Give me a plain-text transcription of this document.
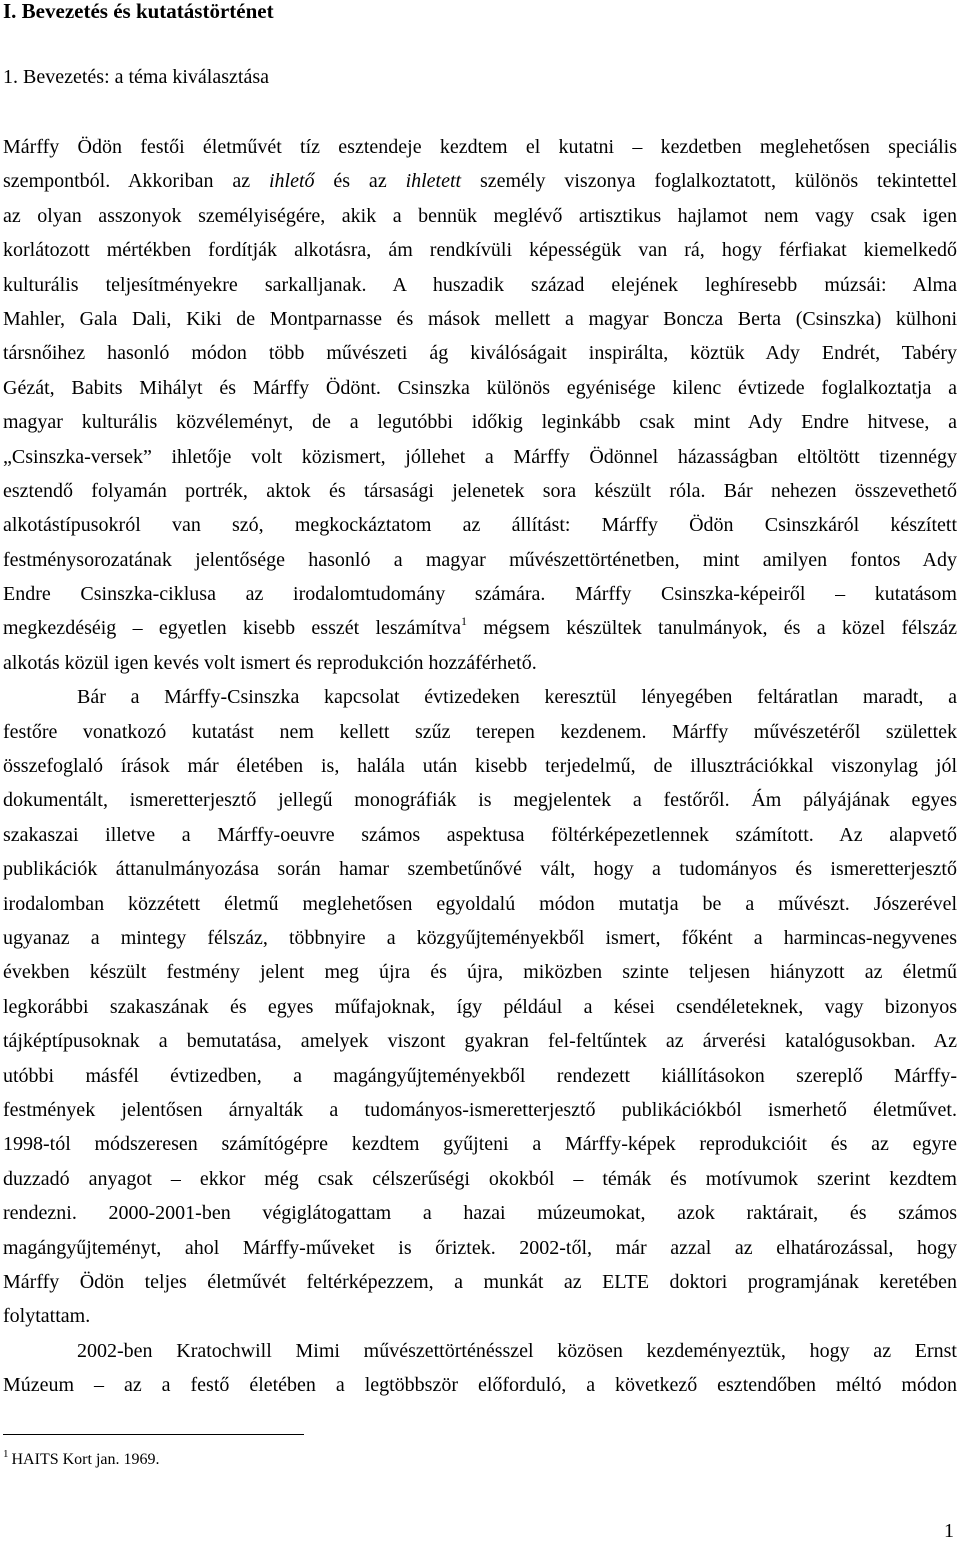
I. Bevezetés és kutatástörténet
1. Bevezetés: a téma kiválasztása
Márffy Ödön festői életművét tíz esztendeje kezdtem el kutatni – kezdetben meglehetősen speciális
szempontból. Akkoriban az ihlető és az ihletett személy viszonya foglalkoztatott, különös tekintettel
az olyan asszonyok személyiségére, akik a bennük meglévő artisztikus hajlamot nem vagy csak igen
korlátozott mértékben fordítják alkotásra, ám rendkívüli képességük van rá, hogy férfiakat kiemelkedő
kulturális teljesítményekre sarkalljanak. A huszadik század elejének leghíresebb múzsái: Alma
Mahler, Gala Dali, Kiki de Montparnasse és mások mellett a magyar Boncza Berta (Csinszka) külhoni
társnőihez hasonló módon több művészeti ág kiválóságait inspirálta, köztük Ady Endrét, Tabéry
Gézát, Babits Mihályt és Márffy Ödönt. Csinszka különös egyénisége kilenc évtizede foglalkoztatja a
magyar kulturális közvéleményt, de a legutóbbi időkig leginkább csak mint Ady Endre hitvese, a
„Csinszka-versek” ihletője volt közismert, jóllehet a Márffy Ödönnel házasságban eltöltött tizennégy
esztendő folyamán portrék, aktok és társasági jelenetek sora készült róla. Bár nehezen összevethető
alkotástípusokról van szó, megkockáztatom az állítást: Márffy Ödön Csinszkáról készített
festménysorozatának jelentősége hasonló a magyar művészettörténetben, mint amilyen fontos Ady
Endre Csinszka-ciklusa az irodalomtudomány számára. Márffy Csinszka-képeiről – kutatásom
megkezdéséig – egyetlen kisebb esszét leszámítva$^1$ mégsem készültek tanulmányok, és a közel félszáz
alkotás közül igen kevés volt ismert és reprodukción hozzáférhető.
Bár a Márffy-Csinszka kapcsolat évtizedeken keresztül lényegében feltáratlan maradt, a
festőre vonatkozó kutatást nem kellett szűz terepen kezdenem. Márffy művészetéről születtek
összefoglaló írások már életében is, halála után kisebb terjedelmű, de illusztrációkkal viszonylag jól
dokumentált, ismeretterjesztő jellegű monográfiák is megjelentek a festőről. Ám pályájának egyes
szakaszai illetve a Márffy-oeuvre számos aspektusa föltérképezetlennek számított. Az alapvető
publikációk áttanulmányozása során hamar szembetűnővé vált, hogy a tudományos és ismeretterjesztő
irodalomban közzétett életmű meglehetősen egyoldalú módon mutatja be a művészt. Jószerével
ugyanaz a mintegy félszáz, többnyire a közgyűjteményekből ismert, főként a harmincas-negyvenes
években készült festmény jelent meg újra és újra, miközben szinte teljesen hiányzott az életmű
legkorábbi szakaszának és egyes műfajoknak, így például a kései csendéleteknek, vagy bizonyos
tájképtípusoknak a bemutatása, amelyek viszont gyakran fel-feltűntek az árverési katalógusokban. Az
utóbbi másfél évtizedben, a magángyűjteményekből rendezett kiállításokon szereplő Márffy-
festmények jelentősen árnyalták a tudományos-ismeretterjesztő publikációkból ismerhető életművet.
1998-tól módszeresen számítógépre kezdtem gyűjteni a Márffy-képek reprodukcióit és az egyre
duzzadó anyagot – ekkor még csak célszerűségi okokból – témák és motívumok szerint kezdtem
rendezni. 2000-2001-ben végiglátogattam a hazai múzeumokat, azok raktárait, és számos
magángyűjteményt, ahol Márffy-műveket is őriztek. 2002-től, már azzal az elhatározással, hogy
Márffy Ödön teljes életművét feltérképezzem, a munkát az ELTE doktori programjának keretében
folytattam.
2002-ben Kratochwill Mimi művészettörténésszel közösen kezdeményeztük, hogy az Ernst
Múzeum – az a festő életében a legtöbbször előforduló, a következő esztendőben méltó módon
$^1$ HAITS Kort jan. 1969.
1
